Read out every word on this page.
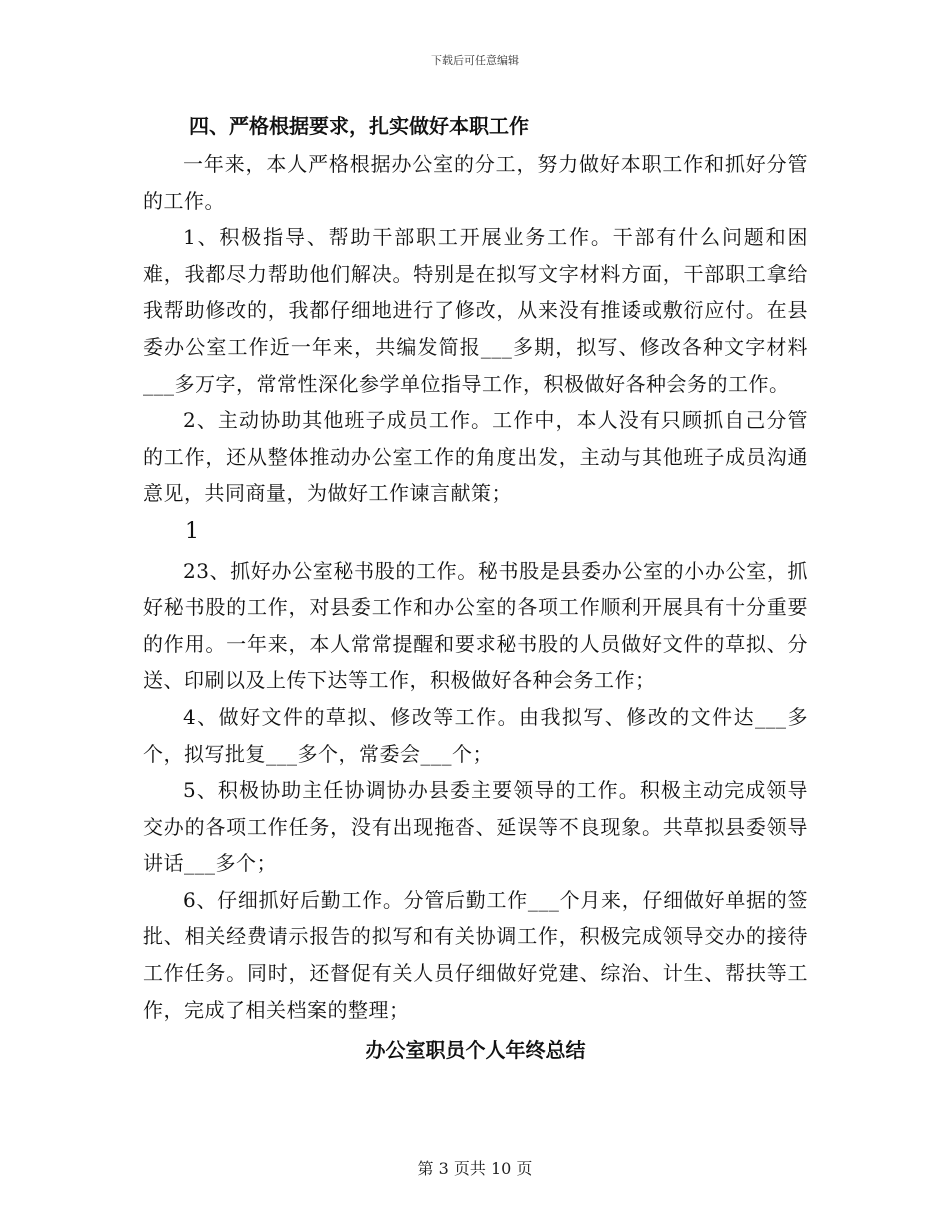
下载后可任意编辑
四、严格根据要求，扎实做好本职工作

一年来，本人严格根据办公室的分工，努力做好本职工作和抓好分管的工作。

1、积极指导、帮助干部职工开展业务工作。干部有什么问题和困难，我都尽力帮助他们解决。特别是在拟写文字材料方面，干部职工拿给我帮助修改的，我都仔细地进行了修改，从来没有推诿或敷衍应付。在县委办公室工作近一年来，共编发简报___多期，拟写、修改各种文字材料___多万字，常常性深化参学单位指导工作，积极做好各种会务的工作。

2、主动协助其他班子成员工作。工作中，本人没有只顾抓自己分管的工作，还从整体推动办公室工作的角度出发，主动与其他班子成员沟通意见，共同商量，为做好工作谏言献策；

1

23、抓好办公室秘书股的工作。秘书股是县委办公室的小办公室，抓好秘书股的工作，对县委工作和办公室的各项工作顺利开展具有十分重要的作用。一年来，本人常常提醒和要求秘书股的人员做好文件的草拟、分送、印刷以及上传下达等工作，积极做好各种会务工作；

4、做好文件的草拟、修改等工作。由我拟写、修改的文件达___多个，拟写批复___多个，常委会___个；

5、积极协助主任协调协办县委主要领导的工作。积极主动完成领导交办的各项工作任务，没有出现拖沓、延误等不良现象。共草拟县委领导讲话___多个；

6、仔细抓好后勤工作。分管后勤工作___个月来，仔细做好单据的签批、相关经费请示报告的拟写和有关协调工作，积极完成领导交办的接待工作任务。同时，还督促有关人员仔细做好党建、综治、计生、帮扶等工作，完成了相关档案的整理；

办公室职员个人年终总结
第 3 页共 10 页
